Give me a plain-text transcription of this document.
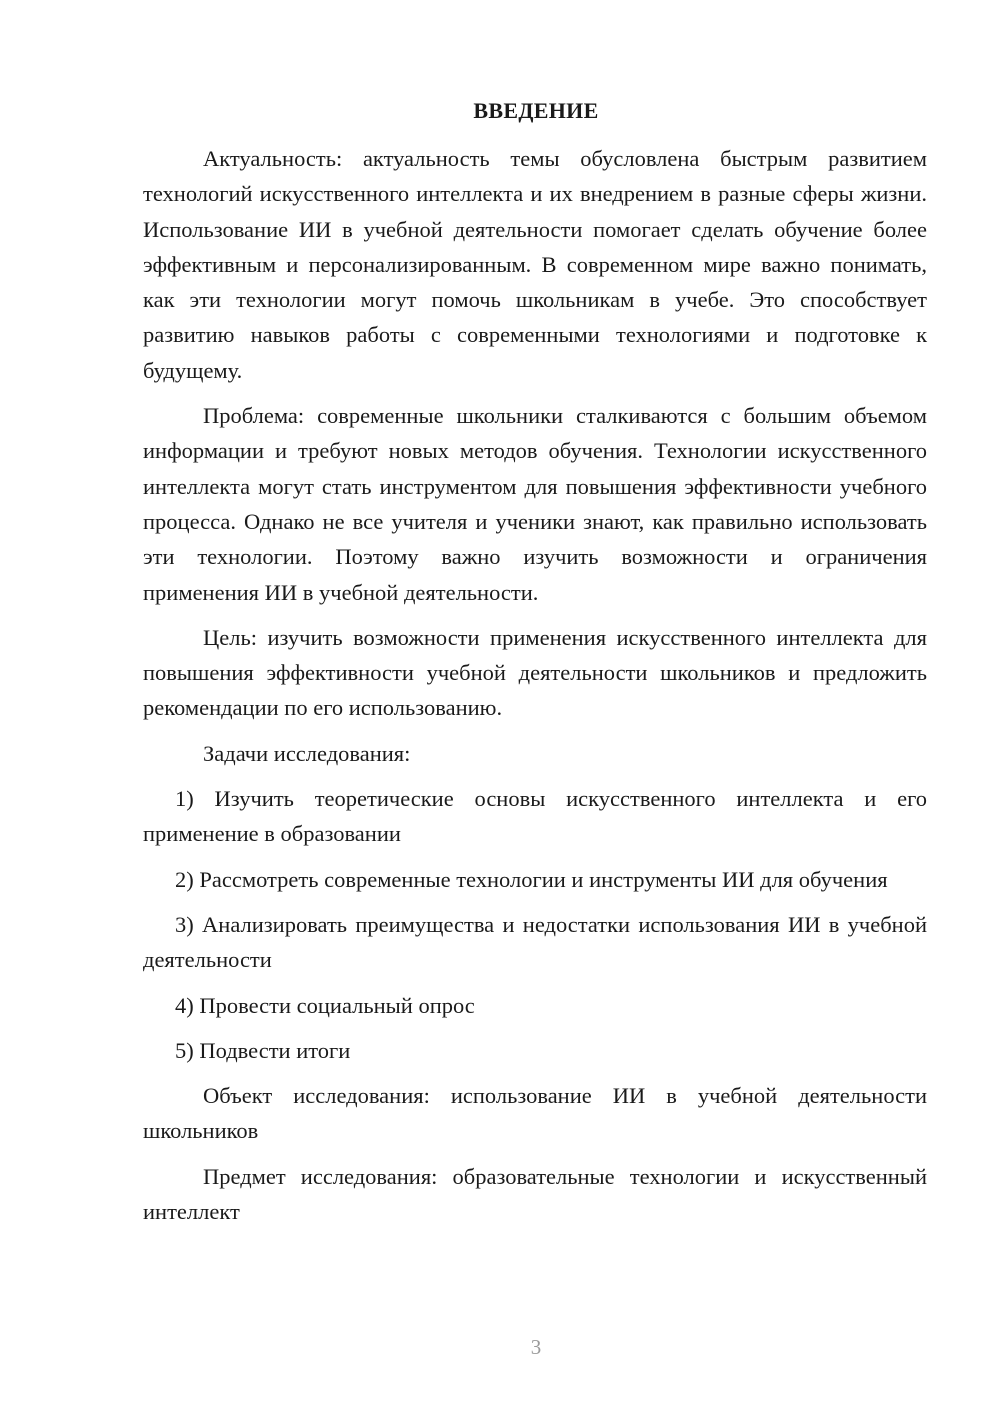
ВВЕДЕНИЕ

Актуальность: актуальность темы обусловлена быстрым развитием технологий искусственного интеллекта и их внедрением в разные сферы жизни. Использование ИИ в учебной деятельности помогает сделать обучение более эффективным и персонализированным. В современном мире важно понимать, как эти технологии могут помочь школьникам в учебе. Это способствует развитию навыков работы с современными технологиями и подготовке к будущему.

Проблема: современные школьники сталкиваются с большим объемом информации и требуют новых методов обучения. Технологии искусственного интеллекта могут стать инструментом для повышения эффективности учебного процесса. Однако не все учителя и ученики знают, как правильно использовать эти технологии. Поэтому важно изучить возможности и ограничения применения ИИ в учебной деятельности.

Цель: изучить возможности применения искусственного интеллекта для повышения эффективности учебной деятельности школьников и предложить рекомендации по его использованию.

Задачи исследования:

1) Изучить теоретические основы искусственного интеллекта и его применение в образовании

2) Рассмотреть современные технологии и инструменты ИИ для обучения

3) Анализировать преимущества и недостатки использования ИИ в учебной деятельности

4) Провести социальный опрос

5) Подвести итоги

Объект исследования: использование ИИ в учебной деятельности школьников

Предмет исследования: образовательные технологии и искусственный интеллект

3
